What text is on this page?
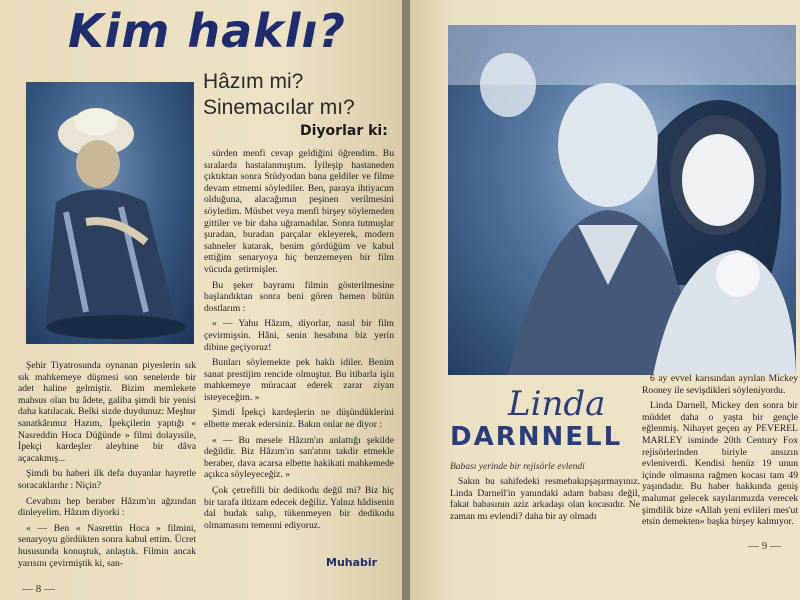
Kim haklı?
Hâzım mi?
Sinemacılar mı?
Diyorlar ki:

Şehir Tiyatrosunda oynanan piyeslerin sık sık mahkemeye düşmesi son senelerde bir adet haline gelmiştir. Bizim memlekete mahsus olan bu âdete, galiba şimdi bir yenisi daha katılacak. Belki sizde duydunuz: Meşhur sanatkârımız Hazım, İpekçilerin yaptığı « Nasreddin Hoca Düğünde » filmi dolayısile, İpekçi kardeşler aleyhine bir dâva açacakmış...

Şimdi bu haberi ilk defa duyanlar hayretle soracaklardır : Niçin?

Cevabını hep beraber Hâzım'ın ağzından dinleyelim. Hâzım diyorki :

« — Ben « Nasrettin Hoca » filmini, senaryoyu gördükten sonra kabul ettim. Ücret hususunda konuştuk, anlaştık. Filmin ancak yarısını çevirmiştik ki, san-

sürden menfi cevap geldiğini öğrendim. Bu sıralarda hastalanmıştım. İyileşip hastaneden çıktıktan sonra Stüdyodan bana geldiler ve filme devam etmemi söylediler. Ben, paraya ihtiyacım olduğuna, alacağımın peşinen verilmesini söyledim. Müsbet veya menfi birşey söylemeden gittiler ve bir daha uğramadılar. Sonra tutmuşlar şuradan, buradan parçalar ekleyerek, modern sahneler katarak, benim gördüğüm ve kabul ettiğim senaryoya hiç benzemeyen bir film vücuda getirmişler.

Bu şeker bayramı filmin gösterilmesine başlandıktan sonra beni gören hemen bütün dostlarım :

« — Yahu Hâzım, diyorlar, nasıl bir film çevirmişsin. Hâni, senin hesabına biz yerin dibine geçiyoruz!

Bunları söylemekte pek haklı idiler. Benim sanat prestijim rencide olmuştur. Bu itibarla işin mahkemeye müracaat ederek zarar ziyan isteyeceğim. »

Şimdi İpekçi kardeşlerin ne düşündüklerini elbette merak edersiniz. Bakın onlar ne diyor :

« — Bu mesele Hâzım'ın anlattığı şekilde değildir. Biz Hâzım'ın san'atını takdir etmekle beraber, dava acarsa elbette hakikati mahkemede açıkca söyleyeceğiz. »

Çok çetrefilli bir dedikodu değil mi? Biz hiç bir tarafa iltizam edecek değiliz. Yalnız hâdisenin dal budak salıp, tükenmeyen bir dedikodu olmamasını temenni ediyoruz.

— 8 —
Muhabir
Linda
DARNNELL
Babası yerinde bir rejisörle evlendi

Sakın bu sahifedeki resmebakıpşaşırmayınız. Linda Darnell'in yanındaki adam babası değil, fakat babasının aziz arkadaşı olan kocasıdır. Ne zaman mı evlendi? daha bir ay olmadı

6 ay evvel karısından ayrılan Mickey Rooney ile sevişdikleri söyleniyordu.

Linda Darnell, Mickey den sonra bir müddet daha o yaşta bir gençle eğlenmiş. Nihayet geçen ay PEVEREL MARLEY isminde 20th Century Fox rejisörlerinden biriyle ansızın evleniverdi. Kendisi henüz 19 unun içinde olmasına rağmen kocası tam 49 yaşındadır. Bu haber hakkında geniş malumat gelecek sayılarımızda verecek şimdilik bize «Allah yeni evlileri mes'ut etsin demekten» başka birşey kalmıyor.

— 9 —
